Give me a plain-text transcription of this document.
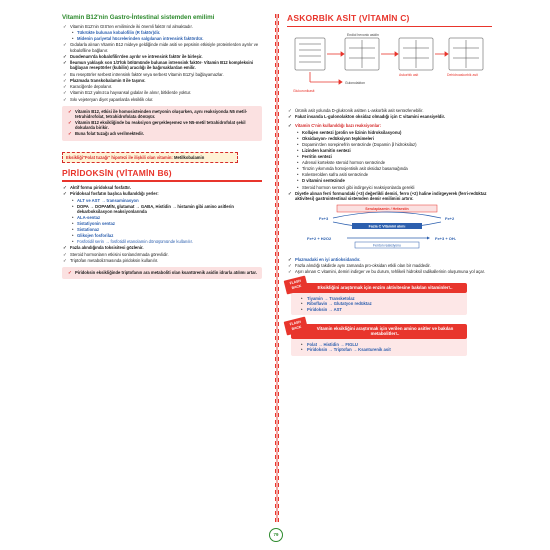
Vitamin B12'nin Gastro-İntestinal sistemden emilimi
✓ Vitamin B12'nin GIS'ten emiliminde iki önemli faktör rol almaktadır.
• Tükrükte bulunan kobalofilin (R faktör)dir.
• Midenin pariyetal hücrelerinden salgılanan intrensink faktördür.
✓ Gıdalarla alınan Vitamin B12 mideye geldiğinde mide asiti ve pepsinin etkisiyle proteinlerden ayrılır ve kobalofiline bağlanır.
✓ Duodenum'da kobalofilin'den ayrılır ve intrensink faktör ile birleşir.
✓ İleumun yaklaşık son 1/3'lük bölümünde bulunan intrensink faktör- Vitamin B12 kompleksini bağlayan reseptörler (kubilin) aracılığı ile bağırsaklardan emilir.
✓ Bu reseptörler serbest intrensink faktör veya serbest Vitamin B12'yi bağlayamazlar.
✓ Plazmada transkobalamin II ile taşınır.
✓ Karaciğerde depolanır.
✓ Vitamin B12 yalnızca hayvansal gıdalar ile alınır, bitkilerde yoktur.
✓ Sıkı vejeteryan diyet yapanlarda eksiklik olur.
✓ Vitamin B12, etkisi ile homosisteinden metyonin oluşurken, aynı reaksiyonda N5 metil-tetrahidrofolat, tetrahidrofolata dönüşür.
✓ Vitamin B12 eksikliğinde bu reaksiyon gerçekleşemez ve N5-metil tetrahidrofolat şekil dokularda birikir.
✓ Buna folat tuzağı adı verilmektedir.
Eksikliği"Folat tuzağı" hipotezi ile ilişkili olan vitamin: Metilkobalamin
PİRİDOKSİN (VİTAMİN B6)
✓ Aktif formu piridoksal fosfattır.
✓ Piridoksal fosfatın başlıca kullanıldığı yerler:
• ALT ve AST → transaminasyon
• DOPA → DOPAMİN, glutamat → GABA, Histidin → histamin gibi amino asitlerin dekarboksilasyon reaksiyonlarında
• ALA-sentaz
• Sistatiyonin sentaz
• Sistationaz
• Glikojen fosforilaz
• Fosfotidil serin → fosfotidil etanolamin dönüşümünde kullanılır.
✓ Fazla alındığında toksisitesi gözlenir.
✓ Steroid hormonların etkisini sonlandırmada görevlidir.
✓ Triptofan metabolizmasında piridoksin kullanılır.
✓ Piridoksin eksikliğinde triptofanın ara metaboliti olan ksantürenik asidin idrarla atılımı artar.
ASKORBİK ASİT (VİTAMİN C)
Endiol hexonic asidin
Askorbik asit	Dehidroaskorbik asit
Glukuronikasit
Gulonolakton
✓ Ürünik asit yolunda D-glukronik asitten L-askorbik asit sentezlenebilir.
✓ Fakat insanda L-gulonolakton oksidaz olmadığı için C vitamini esansiyeldir.
✓ Vitamin C'nin kullanıldığı bazı reaksiyonlar:
• Kollajen sentezi (prolin ve lizinin hidroksilasyonu)
• Oksidasyon- redüksiyon tepkimeleri
• Dopamin'den norepinefrin sentezinde (Dopamin β hidroksilaz)
• Lizinden karnitin sentezi
• Ferritin sentezi
• Adrenal kortekste steroid hormon sentezinde
• Tirozin yıkımında homojentisik asit oksidaz basamağında
• Kolesterolden safra asiti sentezinde
• D vitamini sentezinde
• Steroid hormon sentezi gibi indirgeyici reaksiyonlarda gerekli
✓ Diyetle alınan ferri formundaki (+3) değerlikli demiri, ferro (+2) haline indirgeyerek (ferri-redüktaz aktivitesi) gastrointestinal sistemden demir emilimini artırır.
Serulaplazmin / Hefaestin
Fe+3	Fe+2
Fazla C Vitamini alımı
Fe+2 + H2O2	Fe+3 + OH-
Fenton reaksiyonu
✓ Plazmadaki en iyi antioksidandır.
✓ Fazla alındığı takdirde aynı zamanda pro-oksidan etkili olan bir maddedir.
✓ Aşırı alınan C vitamini, demiri indirger ve bu durum, tehlikeli hidroksil radikallerinin oluşumuna yol açar.
FLASH BACK	Eksikliğini araştırmak için enzim aktivitesine bakılan vitaminler!..
• Tiyamin → Transketolaz
• Riboflavin → Glutatyon redüktaz
• Piridoksin → AST
FLASH BACK	Vitamin eksikliğini araştırmak için verilen amino asitler ve bakılan metabolitler!..
• Folat → Histidin → FIGLU
• Piridoksin → Triptofan → Ksanturenik asit
79
